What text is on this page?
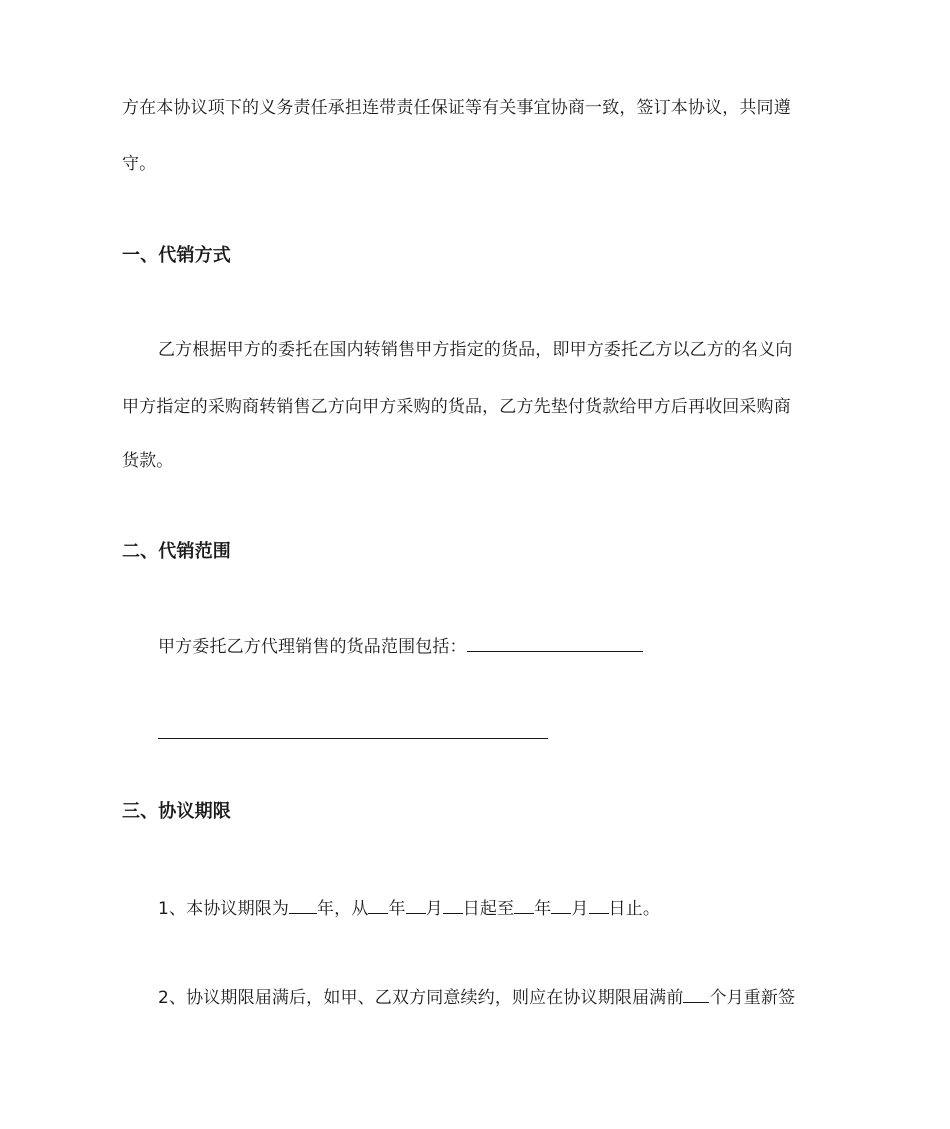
方在本协议项下的义务责任承担连带责任保证等有关事宜协商一致，签订本协议，共同遵
守。
一、代销方式
乙方根据甲方的委托在国内转销售甲方指定的货品，即甲方委托乙方以乙方的名义向
甲方指定的采购商转销售乙方向甲方采购的货品，乙方先垫付货款给甲方后再收回采购商
货款。
二、代销范围
甲方委托乙方代理销售的货品范围包括：
三、协议期限
1、本协议期限为 年，从 年 月 日起至 年 月 日止。
2、协议期限届满后，如甲、乙双方同意续约，则应在协议期限届满前 个月重新签
